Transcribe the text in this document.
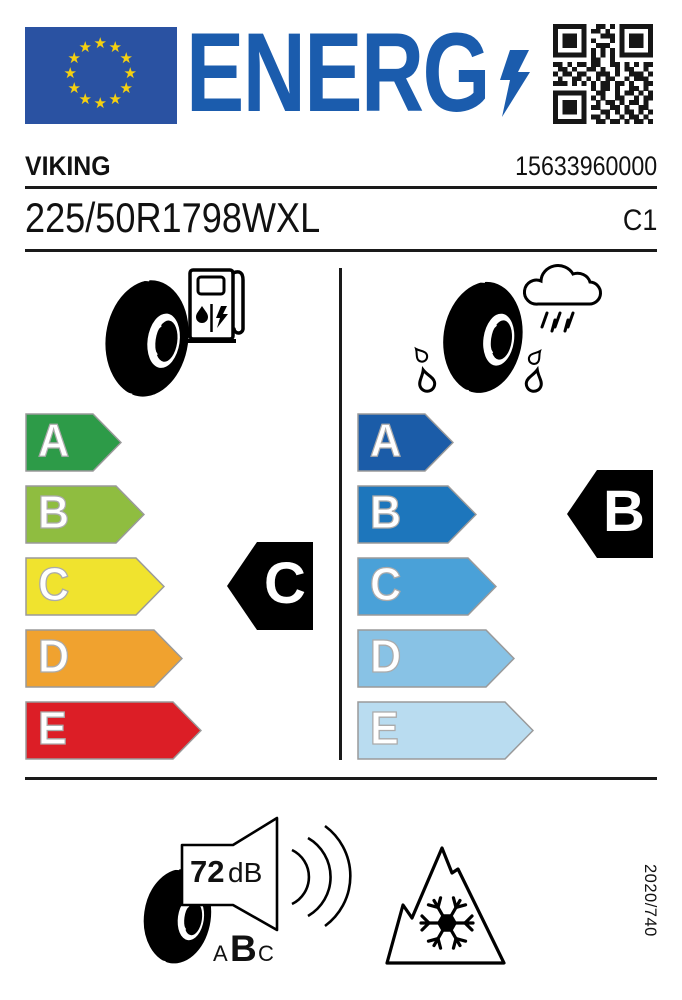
★ ★
★
★
★
★
★
★
★
★
★
★ ENERG
VIKING	15633960000
225/50R1798WXL	C1
A
B
C
D
E
C
A
B
C
D
E
B
72 dB
A B C
2020/740
